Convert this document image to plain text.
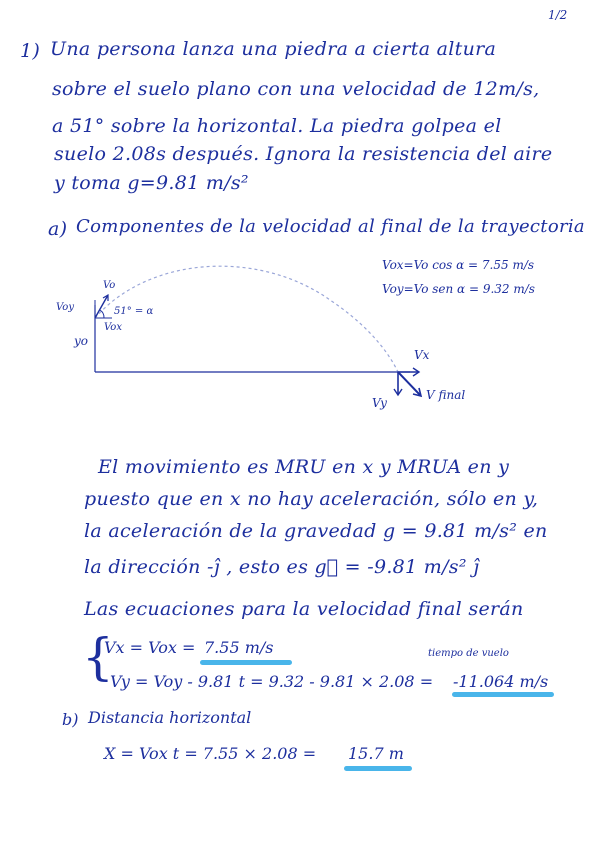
1/2
1) Una persona lanza una piedra a cierta altura
sobre el suelo plano con una velocidad de 12m/s,
a 51° sobre la horizontal. La piedra golpea el
suelo 2.08s después. Ignora la resistencia del aire
y toma g=9.81 m/s²
a) Componentes de la velocidad al final de la trayectoria
Vox=Vo cos α = 7.55 m/s
Voy=Vo sen α = 9.32 m/s
Vo
Voy	51° = α
Vox
yo
Vx
Vy
V final
El movimiento es MRU en x y MRUA en y
puesto que en x no hay aceleración, sólo en y,
la aceleración de la gravedad g = 9.81 m/s² en
la dirección -ĵ , esto es g⃗ = -9.81 m/s² ĵ
Las ecuaciones para la velocidad final serán
{
Vx = Vox = 7.55 m/s	tiempo de vuelo
Vy = Voy - 9.81 t = 9.32 - 9.81 × 2.08 = -11.064 m/s
b) Distancia horizontal
X = Vox t = 7.55 × 2.08 = 15.7 m
